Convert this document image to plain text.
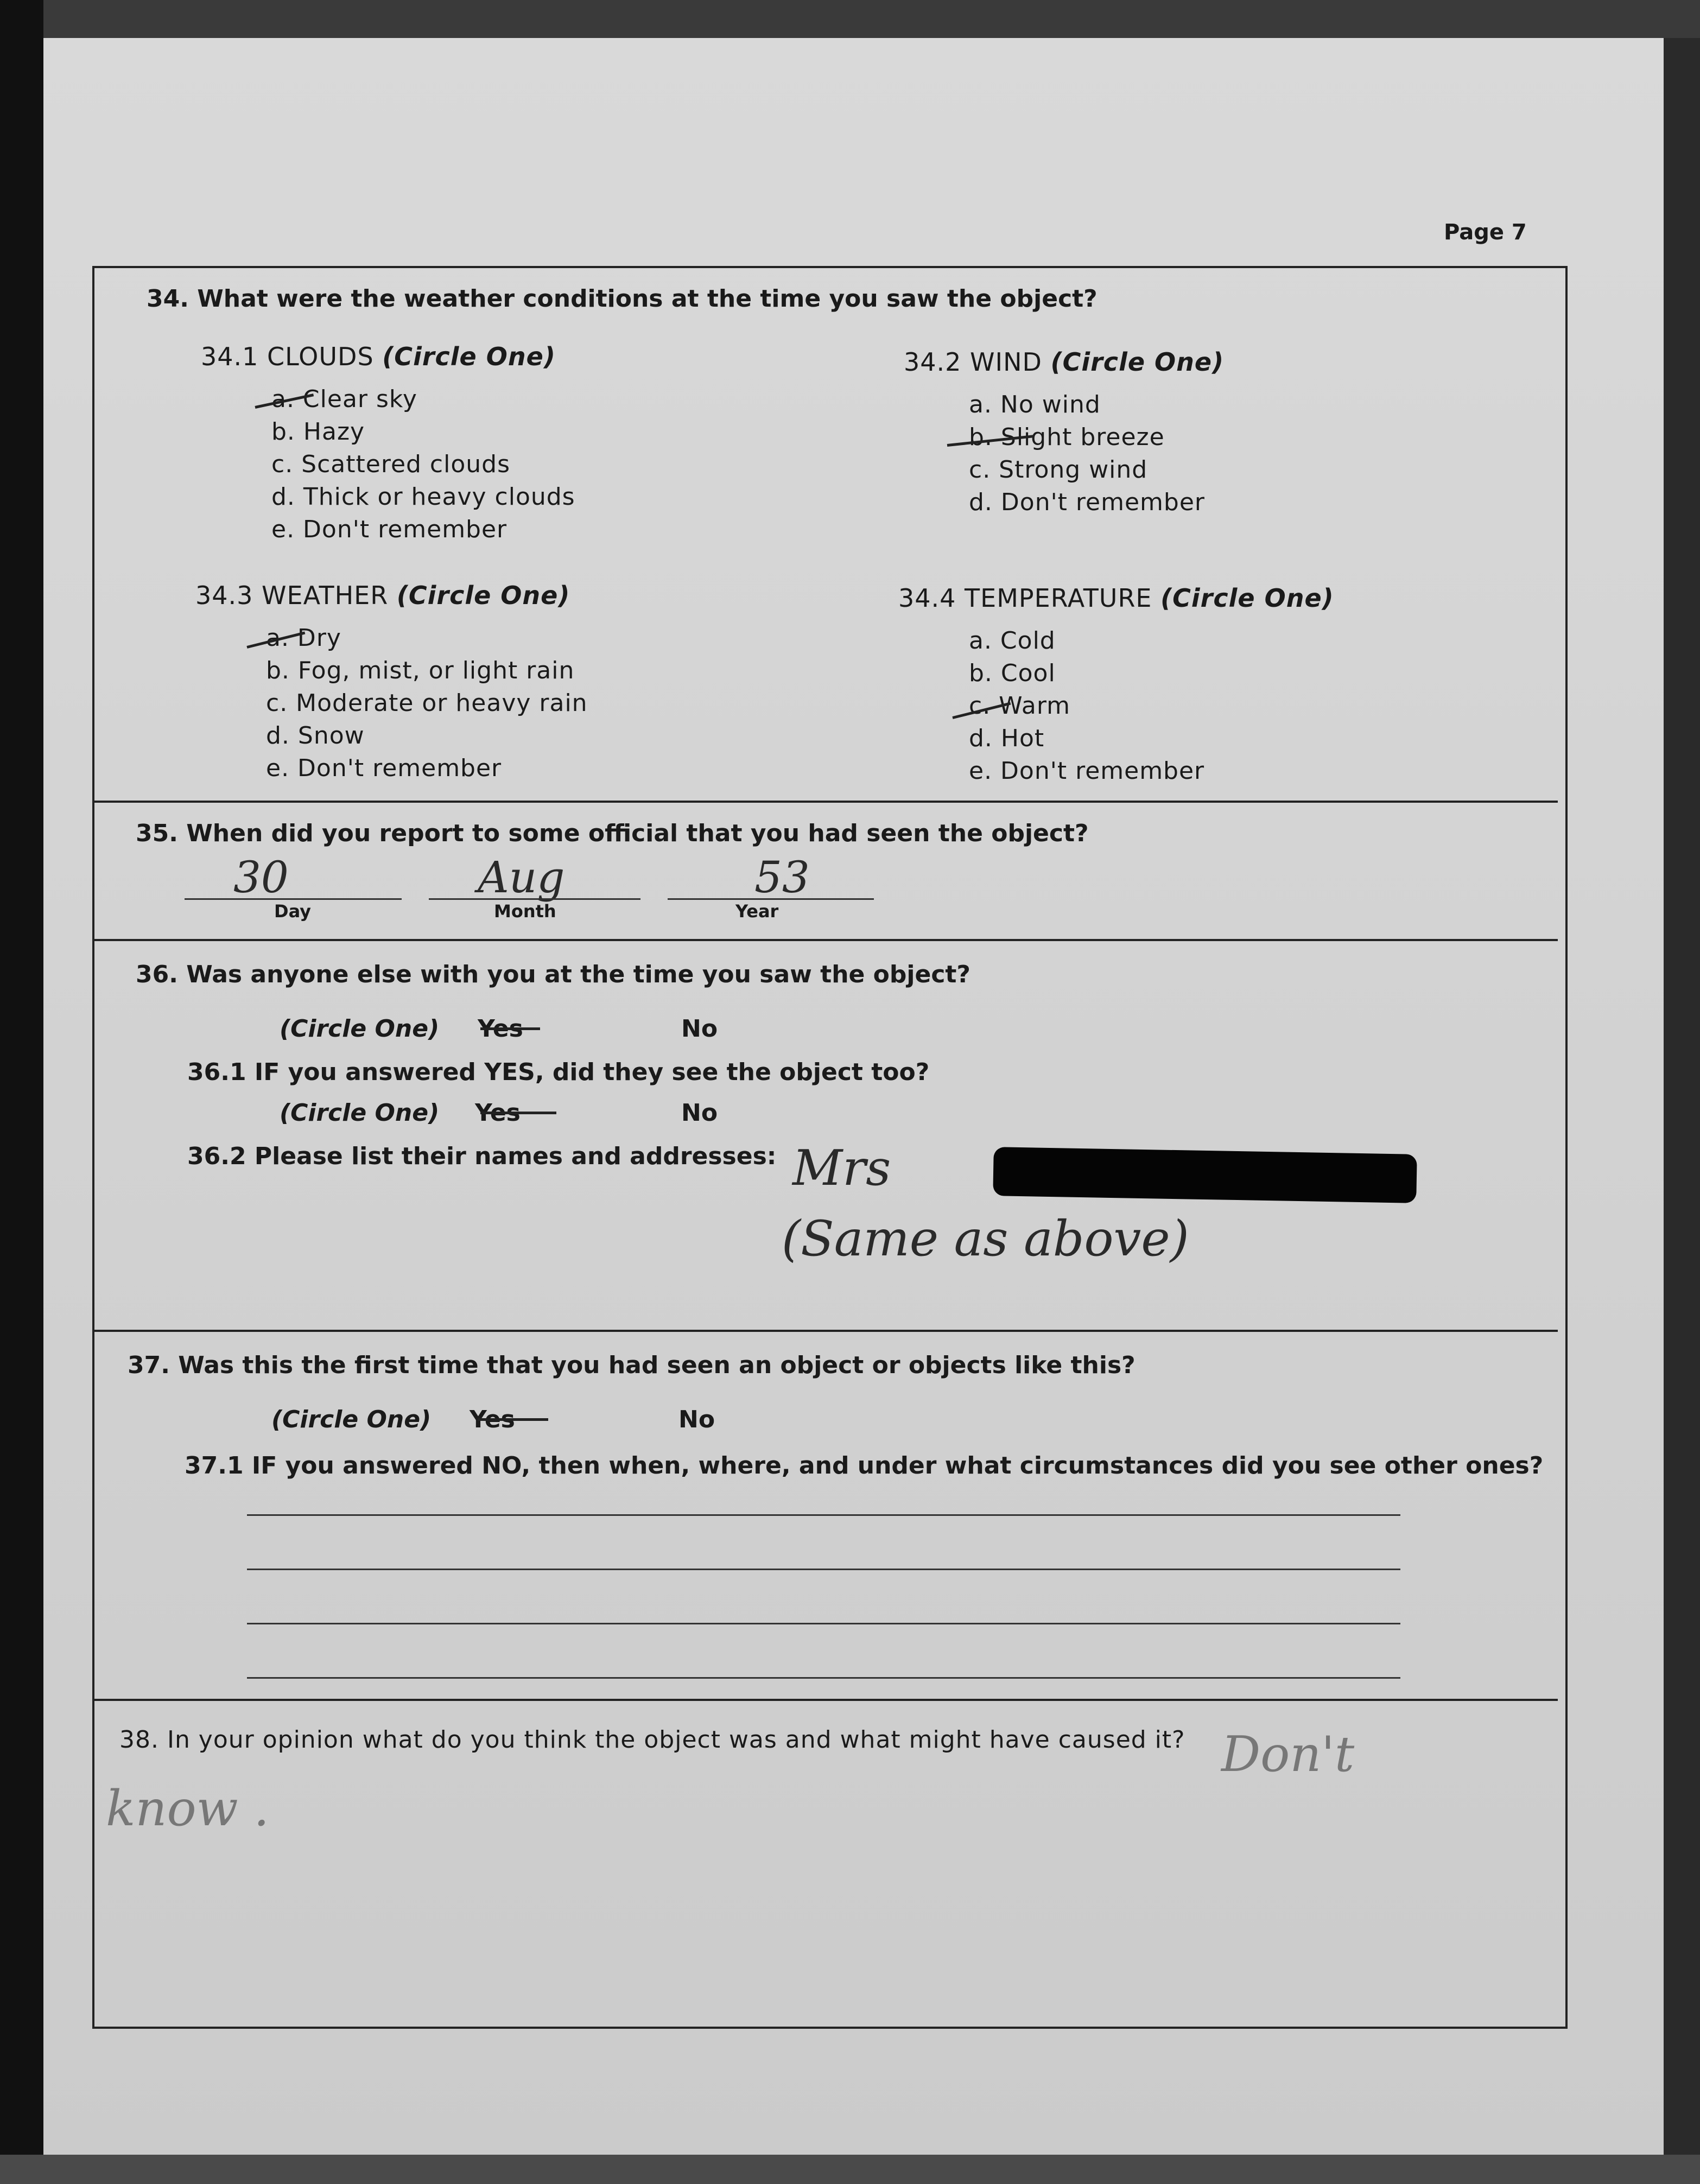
Page 7
34. What were the weather conditions at the time you saw the object?
34.1 CLOUDS (Circle One)
a. Clear sky
b. Hazy
c. Scattered clouds
d. Thick or heavy clouds
e. Don't remember
34.2 WIND (Circle One)
a. No wind
b. Slight breeze
c. Strong wind
d. Don't remember
34.3 WEATHER (Circle One)
a. Dry
b. Fog, mist, or light rain
c. Moderate or heavy rain
d. Snow
e. Don't remember
34.4 TEMPERATURE (Circle One)
a. Cold
b. Cool
c. Warm
d. Hot
e. Don't remember
35. When did you report to some official that you had seen the object?
30	Aug	53
Day	Month	Year
36. Was anyone else with you at the time you saw the object?
(Circle One) Yes	No
36.1 IF you answered YES, did they see the object too?
(Circle One) Yes	No
36.2 Please list their names and addresses: Mrs
(Same as above)
37. Was this the first time that you had seen an object or objects like this?
(Circle One) Yes	No
37.1 IF you answered NO, then when, where, and under what circumstances did you see other ones?
38. In your opinion what do you think the object was and what might have caused it? Don't
know .
